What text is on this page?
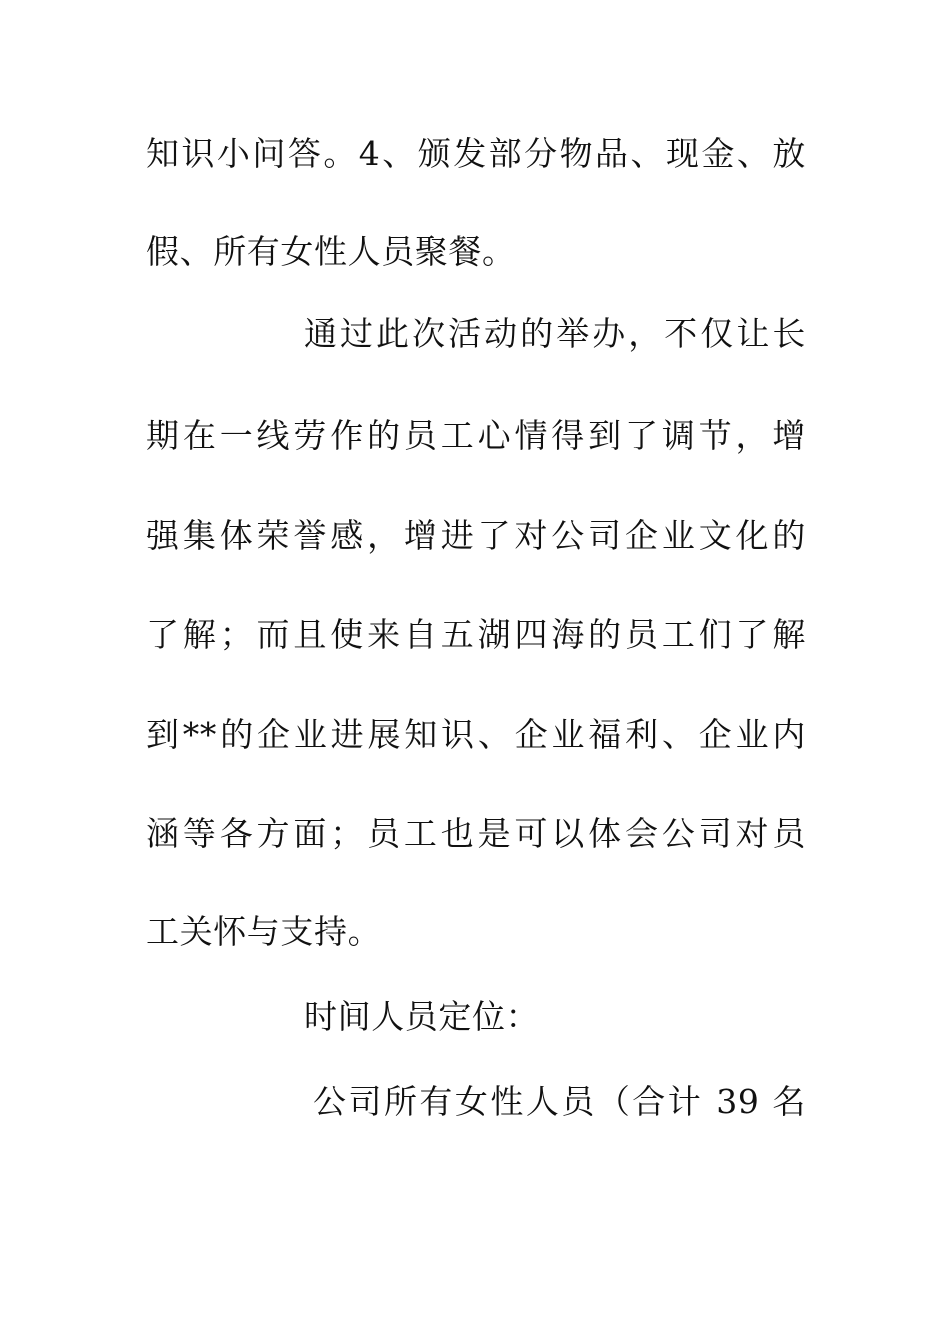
知识小问答。4、颁发部分物品、现金、放
假、所有女性人员聚餐。
通过此次活动的举办，不仅让长
期在一线劳作的员工心情得到了调节，增
强集体荣誉感，增进了对公司企业文化的
了解；而且使来自五湖四海的员工们了解
到**的企业进展知识、企业福利、企业内
涵等各方面；员工也是可以体会公司对员
工关怀与支持。
时间人员定位：
公司所有女性人员（合计 39 名
